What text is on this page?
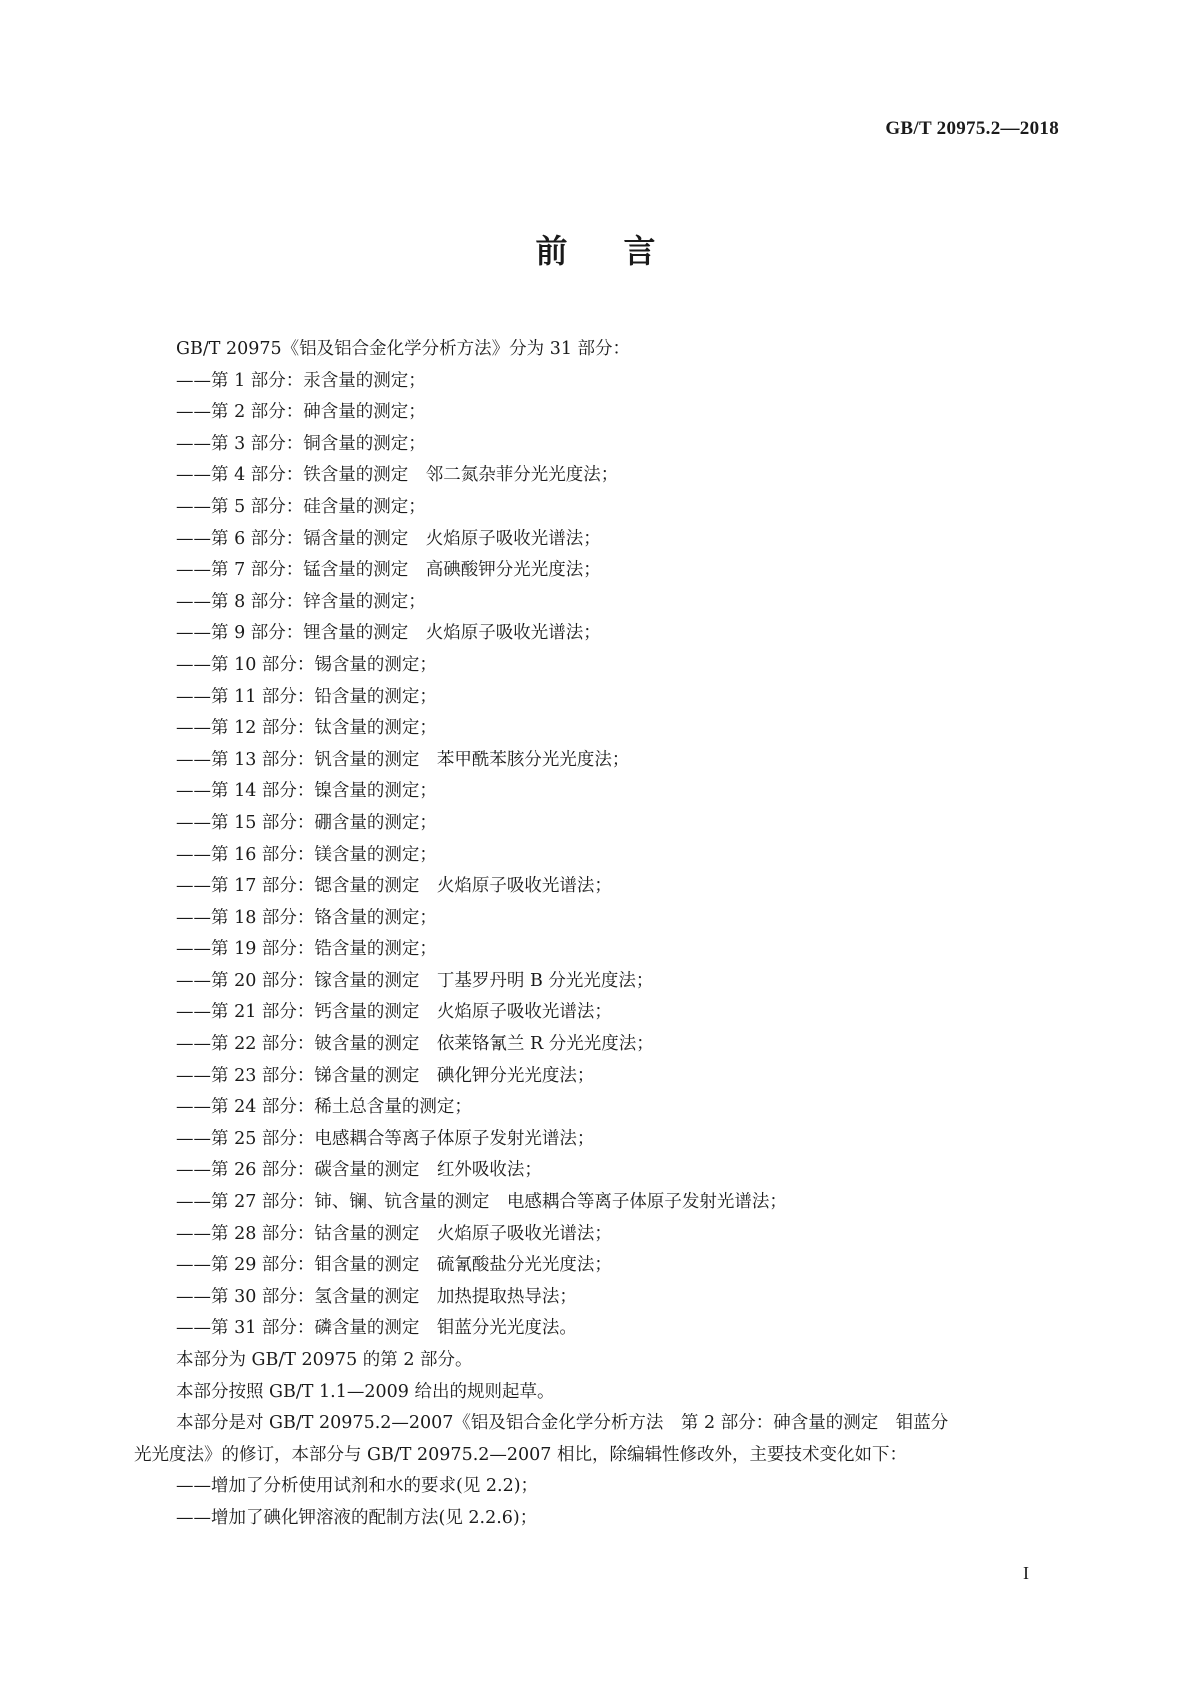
GB/T 20975.2—2018
前言
GB/T 20975《铝及铝合金化学分析方法》分为 31 部分：
——第 1 部分：汞含量的测定；
——第 2 部分：砷含量的测定；
——第 3 部分：铜含量的测定；
——第 4 部分：铁含量的测定　邻二氮杂菲分光光度法；
——第 5 部分：硅含量的测定；
——第 6 部分：镉含量的测定　火焰原子吸收光谱法；
——第 7 部分：锰含量的测定　高碘酸钾分光光度法；
——第 8 部分：锌含量的测定；
——第 9 部分：锂含量的测定　火焰原子吸收光谱法；
——第 10 部分：锡含量的测定；
——第 11 部分：铅含量的测定；
——第 12 部分：钛含量的测定；
——第 13 部分：钒含量的测定　苯甲酰苯胲分光光度法；
——第 14 部分：镍含量的测定；
——第 15 部分：硼含量的测定；
——第 16 部分：镁含量的测定；
——第 17 部分：锶含量的测定　火焰原子吸收光谱法；
——第 18 部分：铬含量的测定；
——第 19 部分：锆含量的测定；
——第 20 部分：镓含量的测定　丁基罗丹明 B 分光光度法；
——第 21 部分：钙含量的测定　火焰原子吸收光谱法；
——第 22 部分：铍含量的测定　依莱铬氰兰 R 分光光度法；
——第 23 部分：锑含量的测定　碘化钾分光光度法；
——第 24 部分：稀土总含量的测定；
——第 25 部分：电感耦合等离子体原子发射光谱法；
——第 26 部分：碳含量的测定　红外吸收法；
——第 27 部分：铈、镧、钪含量的测定　电感耦合等离子体原子发射光谱法；
——第 28 部分：钴含量的测定　火焰原子吸收光谱法；
——第 29 部分：钼含量的测定　硫氰酸盐分光光度法；
——第 30 部分：氢含量的测定　加热提取热导法；
——第 31 部分：磷含量的测定　钼蓝分光光度法。
本部分为 GB/T 20975 的第 2 部分。
本部分按照 GB/T 1.1—2009 给出的规则起草。
本部分是对 GB/T 20975.2—2007《铝及铝合金化学分析方法　第 2 部分：砷含量的测定　钼蓝分
光光度法》的修订，本部分与 GB/T 20975.2—2007 相比，除编辑性修改外，主要技术变化如下：
——增加了分析使用试剂和水的要求(见 2.2)；
——增加了碘化钾溶液的配制方法(见 2.2.6)；
I
